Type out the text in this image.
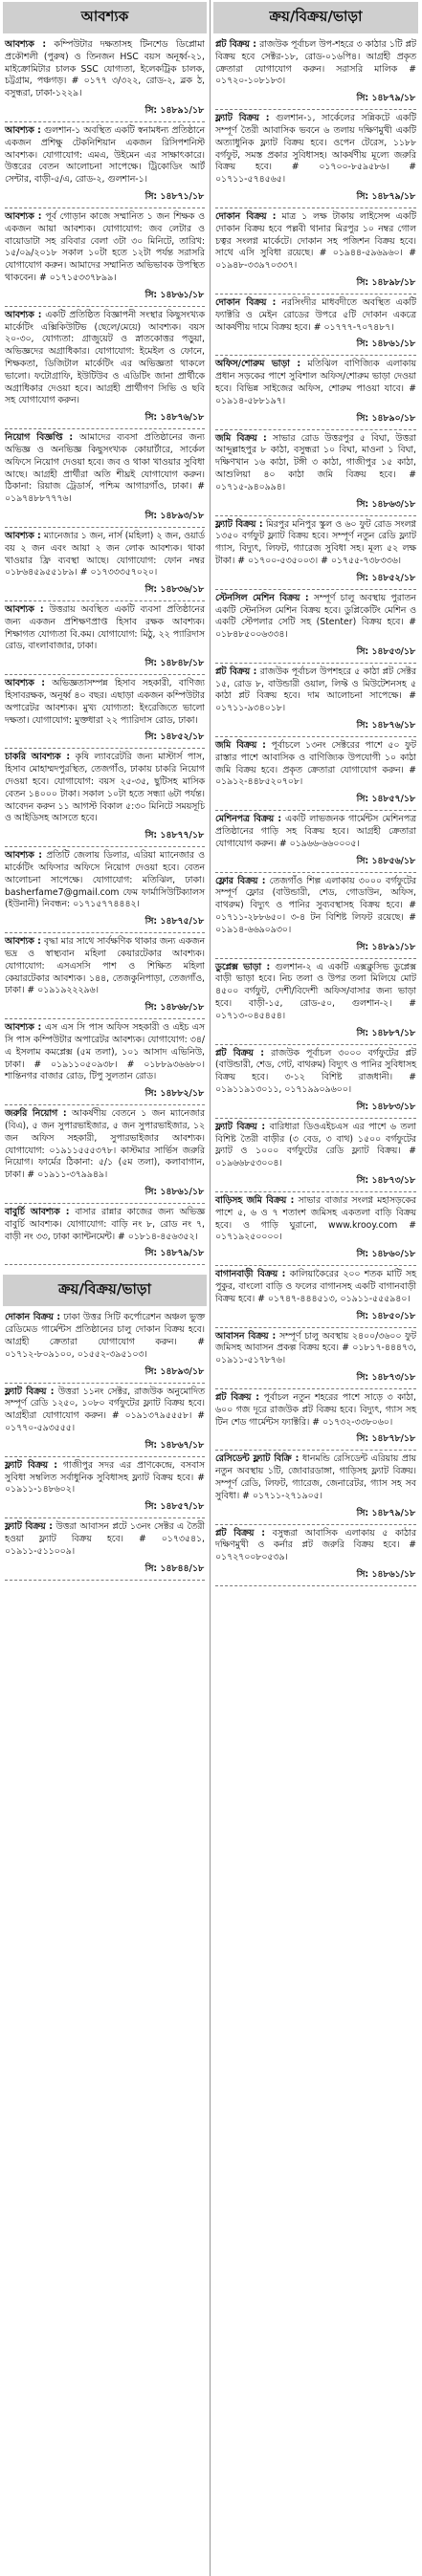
আবশ্যক
আবশ্যক : কম্পিউটার দক্ষতাসহ টিনশেড ডিপ্লোমা প্রকৌশলী (পুরুষ) ও তিনজন HSC বয়স অনূর্ধ্ব-২১, মাইক্রোমিটার চালক SSC যোগ্যতা, ইলেকট্রিক চালক, চট্টগ্রাম, পঞ্চগড়। # ০১৭৭ ৩/৩২২, রোড-২, ব্লক ঠ, বসুন্ধরা, ঢাকা-১২২৯।
সি: ১৪৮৯১/১৮
আবশ্যক : গুলশান-১ অবস্থিত একটি স্বনামধন্য প্রতিষ্ঠানে একজন প্রশিক্ষু টেকনিশিয়ান একজন রিসিপশনিস্ট আবশ্যক। যোগাযোগ: এমএ, উইমেন এর সাক্ষাৎকারে। উত্তরের বেতন আলোচনা সাপেক্ষে। ট্রিকোডিং আর্ট সেন্টার, বাড়ী-৫/এ, রোড-২, গুলশান-১।
সি: ১৪৮৭১/১৮
আবশ্যক : পূর্ব গোড়ান কাজে সম্মানিত ১ জন শিক্ষক ও একজন আয়া আবশ্যক। যোগাযোগ: জব লেটার ও বায়োডাটা সহ রবিবার বেলা ৩টা ৩০ মিনিটে, তারিখ: ১৫/০৯/২০১৮ সকাল ১০টা হতে ১২টা পর্যন্ত সরাসরি যোগাযোগ করুন। আমাদের সম্মানিত অভিভাবক উপস্থিত থাকবেন। # ০১৭১৫৩৩৭৮৯৯।
সি: ১৪৮৬১/১৮
আবশ্যক : একটি প্রতিষ্ঠিত বিজ্ঞাপনী সংস্থার কিছুসংখ্যক মার্কেটিং এক্সিকিউটিভ (ছেলে/মেয়ে) আবশ্যক। বয়স ২০-৩০, যোগ্যতা: গ্রাজুয়েট ও স্নাতকোত্তর পড়ুয়া, অভিজ্ঞদের অগ্রাধিকার। যোগাযোগ: ইমেইল ও ফোনে, শিক্ষকতা, ডিজিটাল মার্কেটিং এর অভিজ্ঞতা থাকলে ভালো। ফটোগ্রাফি, ইউটিউব ও এডিটিং জানা প্রার্থীকে অগ্রাধিকার দেওয়া হবে। আগ্রহী প্রার্থীগণ সিভি ও ছবি সহ যোগাযোগ করুন।
সি: ১৪৮৭৬/১৮
নিয়োগ বিজ্ঞপ্তি : আমাদের ব্যবসা প্রতিষ্ঠানের জন্য অভিজ্ঞ ও অনভিজ্ঞ কিছুসংখ্যক কোয়ার্টারে, সার্কেল অফিসে নিয়োগ দেওয়া হবে। জব ও থাকা খাওয়ার সুবিধা আছে। আগ্রহী প্রার্থীরা অতি শীঘ্রই যোগাযোগ করুন। ঠিকানা: রিয়াজ ট্রেডার্স, পশ্চিম আগারগাঁও, ঢাকা। # ০১৯৭৪৮৮৭৭৭৬।
সি: ১৪৮৯৩/১৮
আবশ্যক : ম্যানেজার ১ জন, নার্স (মহিলা) ২ জন, ওয়ার্ড বয় ২ জন এবং আয়া ২ জন লোক আবশ্যক। থাকা খাওয়ার ফ্রি ব্যবস্থা আছে। যোগাযোগ: ফোন নম্বর ০১৮৬৪৫৯৫৫১৮৯। # ০১৭৩৩৩৫৭০২০।
সি: ১৪৮৩৬/১৮
আবশ্যক : উত্তরায় অবস্থিত একটি ব্যবসা প্রতিষ্ঠানের জন্য একজন প্রশিক্ষণপ্রাপ্ত হিসাব রক্ষক আবশ্যক। শিক্ষাগত যোগ্যতা বি.কম। যোগাযোগ: মিঠু, ২২ প্যারিদাস রোড, বাংলাবাজার, ঢাকা।
সি: ১৪৮৪৮/১৮
আবশ্যক : অভিজ্ঞতাসম্পন্ন হিসাব সহকারী, বাণিজ্য হিসাবরক্ষক, অনূর্ধ্ব ৪০ বছর। এছাড়া একজন কম্পিউটার অপারেটর আবশ্যক। মুখ্য যোগ্যতা: ইংরেজিতে ভালো দক্ষতা। যোগাযোগ: মুক্তধারা ২২ প্যারিদাস রোড, ঢাকা।
সি: ১৪৮৫২/১৮
চাকরি আবশ্যক : কৃষি ল্যাবরেটরি জন্য মাস্টার্স পাস, হিসাব মোহাম্মদপুরস্থিত, তেজগাঁও, ঢাকায় চাকরি নিয়োগ দেওয়া হবে। যোগাযোগ: বয়স ২৫-৩৫, ছুটিসহ মাসিক বেতন ১৪০০০ টাকা। সকাল ১০টা হতে সন্ধ্যা ৬টা পর্যন্ত। আবেদন করুন ১১ আগস্ট বিকাল ৫:৩০ মিনিটে সময়সূচি ও আইডিসহ আসতে হবে।
সি: ১৪৮৭৭/১৮
আবশ্যক : প্রতিটি জেলায় ডিলার, এরিয়া ম্যানেজার ও মার্কেটিং অফিসার অফিসে নিয়োগ দেওয়া হবে। বেতন আলোচনা সাপেক্ষে। যোগাযোগ: মতিঝিল, ঢাকা। basherfame7@gmail.com ফেম ফার্মাসিউটিক্যালস (ইউনানী) নিবন্ধন: ০১৭১৫৭৭৪৪৪২।
সি: ১৪৮৭৫/১৮
আবশ্যক : বৃদ্ধা মার সাথে সার্বক্ষণিক থাকার জন্য একজন ভদ্র ও স্বাস্থ্যবান মহিলা কেয়ারটেকার আবশ্যক। যোগাযোগ: এসএসসি পাশ ও শিক্ষিত মহিলা কেয়ারটেকার আবশ্যক। ১৪৪, তেজকুনিপাড়া, তেজগাঁও, ঢাকা। # ০১৯১৯২২২৯৬।
সি: ১৪৮৬৮/১৮
আবশ্যক : এস এস সি পাস অফিস সহকারী ও এইচ এস সি পাস কম্পিউটার অপারেটর আবশ্যক। যোগাযোগ: ৩৪/এ ইসলাম কমপ্লেক্স (৫ম তলা), ১০১ আসাদ এভিনিউ, ঢাকা। # ০১৯১১০৫০৯৩৮। # ০১৮৮৯৩৬৬৮০। শান্তিনগর বাজার রোড, টিপু সুলতান রোড।
সি: ১৪৮৮২/১৮
জরুরি নিয়োগ : আকর্ষণীয় বেতনে ১ জন ম্যানেজার (বিএ), ৫ জন সুপারভাইজার, ৫ জন সুপারভাইজার, ১২ জন অফিস সহকারী, সুপারভাইজার আবশ্যক। যোগাযোগ: ০১৯১১৫৫৫৩৭৮। কাস্টমার সার্ভিস জরুরি নিয়োগ। ফার্মের ঠিকানা: ৫/১ (৫ম তলা), কলাবাগান, ঢাকা। # ০১৯১১-৩৭৯৯৪৯।
সি: ১৪৮৬১/১৮
বাবুর্চি আবশ্যক : বাসার রান্নার কাজের জন্য অভিজ্ঞ বাবুর্চি আবশ্যক। যোগাযোগ: বাড়ি নং ৮, রোড নং ৭, বাড়ী নং ৩৩, ঢাকা ক্যান্টনমেন্ট। # ০১৮১৪-৪৫৬৩৫২।
সি: ১৪৮৭৯/১৮
ক্রয়/বিক্রয়/ভাড়া
দোকান বিক্রয় : ঢাকা উত্তর সিটি কর্পোরেশন অঞ্চল ভুক্ত রেডিমেড গার্মেন্টস প্রতিষ্ঠানের চালু দোকান বিক্রয় হবে। আগ্রহী ক্রেতারা যোগাযোগ করুন। # ০১৭১২-৮০৯১০০, ০১৫৫২-৩৯৫১০৩।
সি: ১৪৮৯৩/১৮
ফ্ল্যাট বিক্রয় : উত্তরা ১১নং সেক্টর, রাজউক অনুমোদিত সম্পূর্ণ রেডি ১২৫০, ১০৮০ বর্গফুটের ফ্ল্যাট বিক্রয় হবে। আগ্রহীরা যোগাযোগ করুন। # ০১৯১৩৭৯৫৫৫৮। # ০১৭৭০-৫৯৩৫৫৫।
সি: ১৪৮৬৭/১৮
ফ্ল্যাট বিক্রয় : গাজীপুর সদর এর প্রাণকেন্দ্রে, বসবাস সুবিধা সম্বলিত সর্বাধুনিক সুবিধাসহ ফ্ল্যাট বিক্রয় হবে। # ০১৯১১-১৪৮৬০২।
সি: ১৪৮৫৭/১৮
ফ্ল্যাট বিক্রয় : উত্তরা আবাসন প্লটে ১৩নং সেক্টর এ তৈরী হওয়া ফ্ল্যাট বিক্রয় হবে। # ০১৭৩৫৪১, ০১৯১১-৫১১০০৯।
সি: ১৪৮৪৪/১৮
ক্রয়/বিক্রয়/ভাড়া
প্লট বিক্রয় : রাজউক পূর্বাচল উপ-শহরে ৩ কাঠার ১টি প্লট বিক্রয় হবে সেক্টর-১৮, রোড-০১৬পি৪। আগ্রহী প্রকৃত ক্রেতারা যোগাযোগ করুন। সরাসরি মালিক # ০১৭২০-১০৮১৮৩।
সি: ১৪৮৭৯/১৮
ফ্ল্যাট বিক্রয় : গুলশান-১, সার্কেলের সন্নিকটে একটি সম্পূর্ণ তৈরী আবাসিক ভবনে ৬ তলায় দক্ষিণমুখী একটি অত্যাধুনিক ফ্ল্যাট বিক্রয় হবে। ওপেন টেরেস, ১১৮৮ বর্গফুট, সমস্ত প্রকার সুবিধাসহ। আকর্ষণীয় মূল্যে জরুরি বিক্রয় হবে। # ০১৭০০-৮৫৯৫৮৬। # ০১৭১১-৫৭৪৫৬৫।
সি: ১৪৮৭৯/১৮
দোকান বিক্রয় : মাত্র ১ লক্ষ টাকায় লাইসেন্স একটি দোকান বিক্রয় হবে পল্লবী থানার মিরপুর ১০ নম্বর গোল চত্বর সংলগ্ন মার্কেটে। দোকান সহ পজিশন বিক্রয় হবে। সাথে এসি সুবিধা রয়েছে। # ০১৯৪৪-৫৯৬৯৬০। # ০১৯৪৮-৩৩৯৭০৩৩৭।
সি: ১৪৮৯৮/১৮
দোকান বিক্রয় : নরসিংদীর মাধবদীতে অবস্থিত একটি ফ্যাক্টরি ও মেইন রোডের উপরে ৫টি দোকান একত্রে আকর্ষণীয় দামে বিক্রয় হবে। # ০১৭৭৭-৭০৭৪৮৭।
সি: ১৪৮৬১/১৮
অফিস/শোরুম ভাড়া : মতিঝিল বাণিজ্যিক এলাকায় প্রধান সড়কের পাশে সুবিশাল অফিস/শোরুম ভাড়া দেওয়া হবে। বিভিন্ন সাইজের অফিস, শোরুম পাওয়া যাবে। # ০১৯১৪-৫৮৮১৯৭।
সি: ১৪৮৯০/১৮
জমি বিক্রয় : সাভার রোড উত্তরপুর ৫ বিঘা, উত্তরা আব্দুল্লাহপুর ৮ কাঠা, বসুন্ধরা ১০ বিঘা, মাওনা ১ বিঘা, দক্ষিণখান ১৬ কাঠা, টঙ্গী ৩ কাঠা, গাজীপুর ১৫ কাঠা, আশুলিয়া ৪০ কাঠা জমি বিক্রয় হবে। # ০১৭১৫-৯৪০৯৯৪।
সি: ১৪৮৬৩/১৮
ফ্ল্যাট বিক্রয় : মিরপুর মনিপুর স্কুল ও ৬০ ফুট রোড সংলগ্ন ১৩৫০ বর্গফুট ফ্ল্যাট বিক্রয় হবে। সম্পূর্ণ নতুন রেডি ফ্ল্যাট গ্যাস, বিদ্যুৎ, লিফট, গ্যারেজ সুবিধা সহ। মূল্য ৫২ লক্ষ টাকা। # ০১৭০০-৫৩৫০০৩। # ০১৭৫৫-৭৩৮৩৩৬।
সি: ১৪৮৫২/১৮
স্টেনসিল মেশিন বিক্রয় : সম্পূর্ণ চালু অবস্থায় পুরাতন একটি স্টেনসিল মেশিন বিক্রয় হবে। ডুপ্লিকেটিং মেশিন ও একটি স্টেপলার সেটি সহ (Stenter) বিক্রয় হবে। # ০১৮৪৮৫০০৬৩৩৪।
সি: ১৪৮৫৩/১৮
প্লট বিক্রয় : রাজউক পূর্বাচল উপশহরে ৫ কাঠা প্লট সেক্টর ১৫, রোড ৮, বাউন্ডারী ওয়াল, লিফ্ট ও মিউটেশনসহ ৫ কাঠা প্লট বিক্রয় হবে। দাম আলোচনা সাপেক্ষে। # ০১৭১১-৯৩৪০১৮।
সি: ১৪৮৭৬/১৮
জমি বিক্রয় : পূর্বাচলে ১৩নং সেক্টরের পাশে ৫০ ফুট রাস্তার পাশে আবাসিক ও বাণিজ্যিক উপযোগী ১০ কাঠা জমি বিক্রয় হবে। প্রকৃত ক্রেতারা যোগাযোগ করুন। # ০১৯১২-৪৪৮৫২০৭০৮।
সি: ১৪৮৫৭/১৮
মেশিনপত্র বিক্রয় : একটি লাভজনক গার্মেন্টস মেশিনপত্র প্রতিষ্ঠানের গাড়ি সহ বিক্রয় হবে। আগ্রহী ক্রেতারা যোগাযোগ করুন। # ০১৯৬৬-৬৬০০০৫।
সি: ১৪৮৫৬/১৮
ফ্লোর বিক্রয় : তেজগাঁও শিল্প এলাকায় ৩০০০ বর্গফুটের সম্পূর্ণ ফ্লোর (বাউন্ডারী, শেড, গোডাউন, অফিস, বাথরুম) বিদ্যুৎ ও পানির সুব্যবস্থাসহ বিক্রয় হবে। # ০১৭১১-২৮৮৬৫০। ৩-৪ টন বিশিষ্ট লিফট রয়েছে। # ০১৯১৪-৬৬৯০৯৩০।
সি: ১৪৮৯১/১৮
ডুপ্লেক্স ভাড়া : গুলশান-২ এ একটি এক্সক্লুসিভ ডুপ্লেক্স বাড়ী ভাড়া হবে। নিচ তলা ও উপর তলা মিলিয়ে মোট ৪৫০০ বর্গফুট, দেশী/বিদেশী অফিস/বাসার জন্য ভাড়া হবে। বাড়ী-১৫, রোড-৫০, গুলশান-২। # ০১৭১৩-০৪৫৪৫৪।
সি: ১৪৮৮৭/১৮
প্লট বিক্রয় : রাজউক পূর্বাচল ৩০০০ বর্গফুটের প্লট (বাউন্ডারী, শেড, গেট, বাথরুম) বিদ্যুৎ ও পানির সুবিধাসহ বিক্রয় হবে। ৩-১২ বিশিষ্ট রাজধানী। # ০১৯১১৯১৩০১১, ০১৭১৯৯০৯৬০০।
সি: ১৪৮৮৩/১৮
ফ্ল্যাট বিক্রয় : বারিধারা ডিওএইচএস এর পাশে ৬ তলা বিশিষ্ট তৈরী বাড়ীর (৩ বেড, ৩ বাথ) ১৫০০ বর্গফুটের ফ্ল্যাট ও ১০০০ বর্গফুটের রেডি ফ্ল্যাট বিক্রয়। # ০১৯৬৬৮৫৩০০৪।
সি: ১৪৮৭৩/১৮
বাড়িসহ জমি বিক্রয় : সাভার বাজার সংলগ্ন মহাসড়কের পাশে ৫, ৬ ও ৭ শতাংশ জমিসহ একতলা বাড়ি বিক্রয় হবে। ও গাড়ি ঘুরানো, www.krooy.com # ০১৭১৯২৫০০০০।
সি: ১৪৮৬০/১৮
বাগানবাড়ী বিক্রয় : কালিয়াকৈরের ২০০ শতক মাটি সহ পুকুর, বাংলো বাড়ি ও ফলের বাগানসহ একটি বাগানবাড়ী বিক্রয় হবে। # ০১৭৪৭-৪৪৪৫১৩, ০১৯১১-৫৫৫৯৪০।
সি: ১৪৮৫০/১৮
আবাসন বিক্রয় : সম্পূর্ণ চালু অবস্থায় ২৪০০/৩৬০০ ফুট জমিসহ আবাসন প্রকল্প বিক্রয় হবে। # ০১৮১৭-৪৪৪৭৩, ০১৯১১-৫১৭৮৭৬।
সি: ১৪৮৭৩/১৮
প্লট বিক্রয় : পূর্বাচল নতুন শহরের পাশে সাড়ে ৩ কাঠা, ৬০০ গজ দূরে রাজউক প্লট বিক্রয় হবে। বিদ্যুৎ, গ্যাস সহ টিন শেড গার্মেন্টস ফ্যাক্টরি। # ০১৭৩২-৩৩৮০৬০।
সি: ১৪৮৭৮/১৮
রেসিডেন্ট ফ্ল্যাট বিক্রি : ধানমন্ডি রেসিডেন্ট এরিয়ায় প্রায় নতুন অবস্থায় ১টি, জোবারডাঙ্গা, গাড়িসহ ফ্ল্যাট বিক্রয়। সম্পূর্ণ রেডি, লিফট, গ্যারেজ, জেনারেটর, গ্যাস সহ সব সুবিধা। # ০১৭১১-২৭১৯০৫।
সি: ১৪৮৭৯/১৮
প্লট বিক্রয় : বসুন্ধরা আবাসিক এলাকায় ৫ কাঠার দক্ষিণমুখী ও কর্নার প্লট জরুরি বিক্রয় হবে। # ০১৭২৭০০৮০৫৩৯।
সি: ১৪৮৬১/১৮
